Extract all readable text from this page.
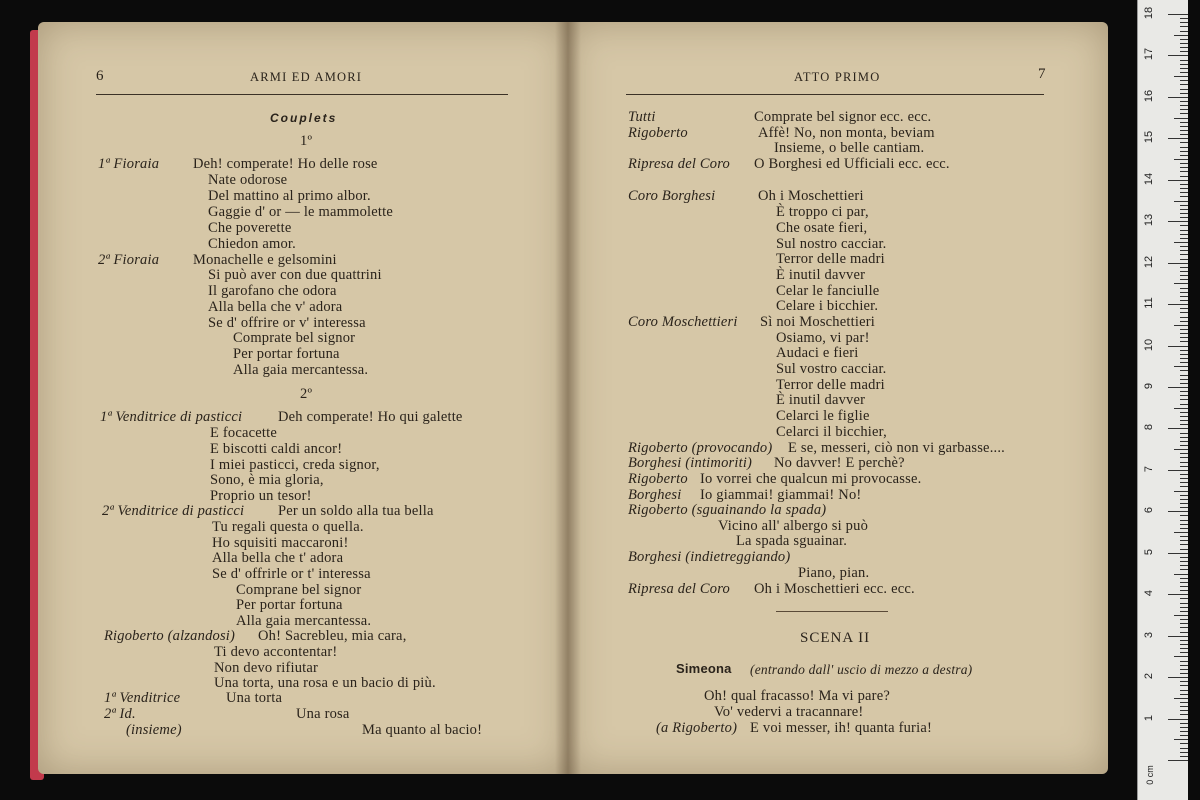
6	ARMI ED AMORI
Couplets
1º
1ª Fioraia Deh! comperate! Ho delle rose
Nate odorose
Del mattino al primo albor.
Gaggie d' or — le mammolette
Che poverette
Chiedon amor.
2ª Fioraia Monachelle e gelsomini
Si può aver con due quattrini
Il garofano che odora
Alla bella che v' adora
Se d' offrire or v' interessa
Comprate bel signor
Per portar fortuna
Alla gaia mercantessa.
2º
1ª Venditrice di pasticci Deh comperate! Ho qui galette
E focacette
E biscotti caldi ancor!
I miei pasticci, creda signor,
Sono, è mia gloria,
Proprio un tesor!
2ª Venditrice di pasticci Per un soldo alla tua bella
Tu regali questa o quella.
Ho squisiti maccaroni!
Alla bella che t' adora
Se d' offrirle or t' interessa
Comprane bel signor
Per portar fortuna
Alla gaia mercantessa.
Rigoberto (alzandosi) Oh! Sacrebleu, mia cara,
Ti devo accontentar!
Non devo rifiutar
Una torta, una rosa e un bacio di più.
1ª Venditrice	Una torta
2ª Id.	Una rosa
(insieme)	Ma quanto al bacio!
ATTO PRIMO	7
Tutti	Comprate bel signor ecc. ecc.
Rigoberto	Affè! No, non monta, beviam
Insieme, o belle cantiam.
Ripresa del Coro O Borghesi ed Ufficiali ecc. ecc.
Coro Borghesi	Oh i Moschettieri
È troppo ci par,
Che osate fieri,
Sul nostro cacciar.
Terror delle madri
È inutil davver
Celar le fanciulle
Celare i bicchier.
Coro Moschettieri Sì noi Moschettieri
Osiamo, vi par!
Audaci e fieri
Sul vostro cacciar.
Terror delle madri
È inutil davver
Celarci le figlie
Celarci il bicchier,
Rigoberto (provocando) E se, messeri, ciò non vi garbasse....
Borghesi (intimoriti) No davver! E perchè?
Rigoberto Io vorrei che qualcun mi provocasse.
Borghesi Io giammai! giammai! No!
Rigoberto (sguainando la spada)
Vicino all' albergo si può
La spada sguainar.
Borghesi (indietreggiando)
Piano, pian.
Ripresa del Coro Oh i Moschettieri ecc. ecc.
SCENA II
Simeona (entrando dall' uscio di mezzo a destra)
Oh! qual fracasso! Ma vi pare?
Vo' vedervi a tracannare!
(a Rigoberto) E voi messer, ih! quanta furia!
0 cm
1
2
3
4
5
6
7
8
9
10
11
12
13
14
15
16
17
18
